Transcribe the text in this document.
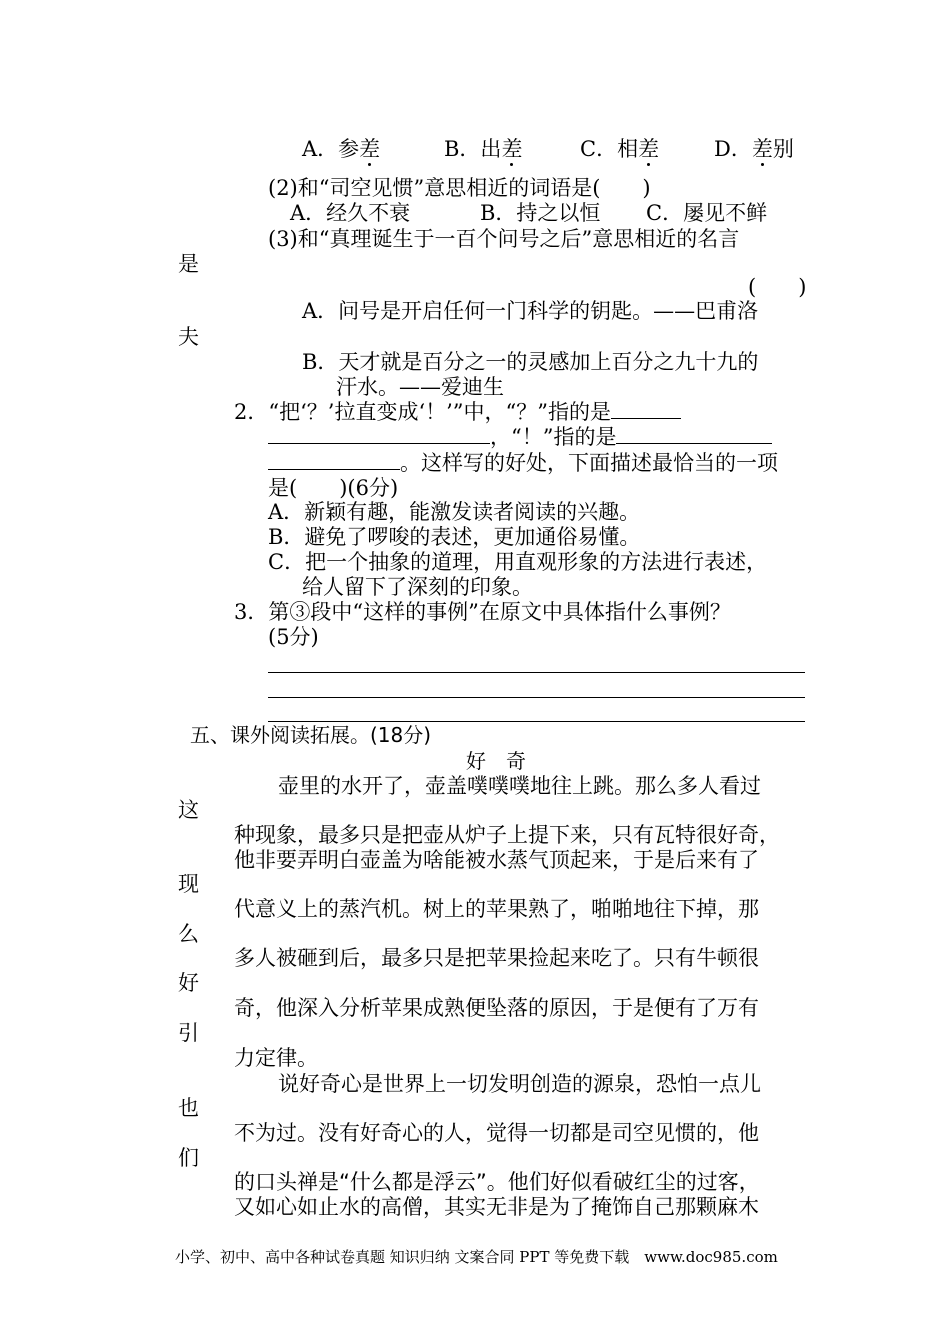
A．参差	B．出差	C．相差	D．差别
(2)和“司空见惯”意思相近的词语是(　　)
A．经久不衰	B．持之以恒 C．屡见不鲜
(3)和“真理诞生于一百个问号之后”意思相近的名言
是
(　　)
A．问号是开启任何一门科学的钥匙。——巴甫洛
夫
B．天才就是百分之一的灵感加上百分之九十九的
汗水。——爱迪生
2．“把‘？’拉直变成‘！’”中，“？”指的是
，“！”指的是
。这样写的好处，下面描述最恰当的一项
是(　　)(6分)
A．新颖有趣，能激发读者阅读的兴趣。
B．避免了啰唆的表述，更加通俗易懂。
C．把一个抽象的道理，用直观形象的方法进行表述，
给人留下了深刻的印象。
3．第③段中“这样的事例”在原文中具体指什么事例？
(5分)
五、课外阅读拓展。(18分)
好　奇
壶里的水开了，壶盖噗噗噗地往上跳。那么多人看过
种现象，最多只是把壶从炉子上提下来，只有瓦特很好奇，
他非要弄明白壶盖为啥能被水蒸气顶起来，于是后来有了
代意义上的蒸汽机。树上的苹果熟了，啪啪地往下掉，那
多人被砸到后，最多只是把苹果捡起来吃了。只有牛顿很
奇，他深入分析苹果成熟便坠落的原因，于是便有了万有
力定律。
说好奇心是世界上一切发明创造的源泉，恐怕一点儿
不为过。没有好奇心的人，觉得一切都是司空见惯的，他
的口头禅是“什么都是浮云”。他们好似看破红尘的过客，
又如心如止水的高僧，其实无非是为了掩饰自己那颗麻木
这
现
么
好
引
也
们
小学、初中、高中各种试卷真题 知识归纳 文案合同 PPT 等免费下载　www.doc985.com
